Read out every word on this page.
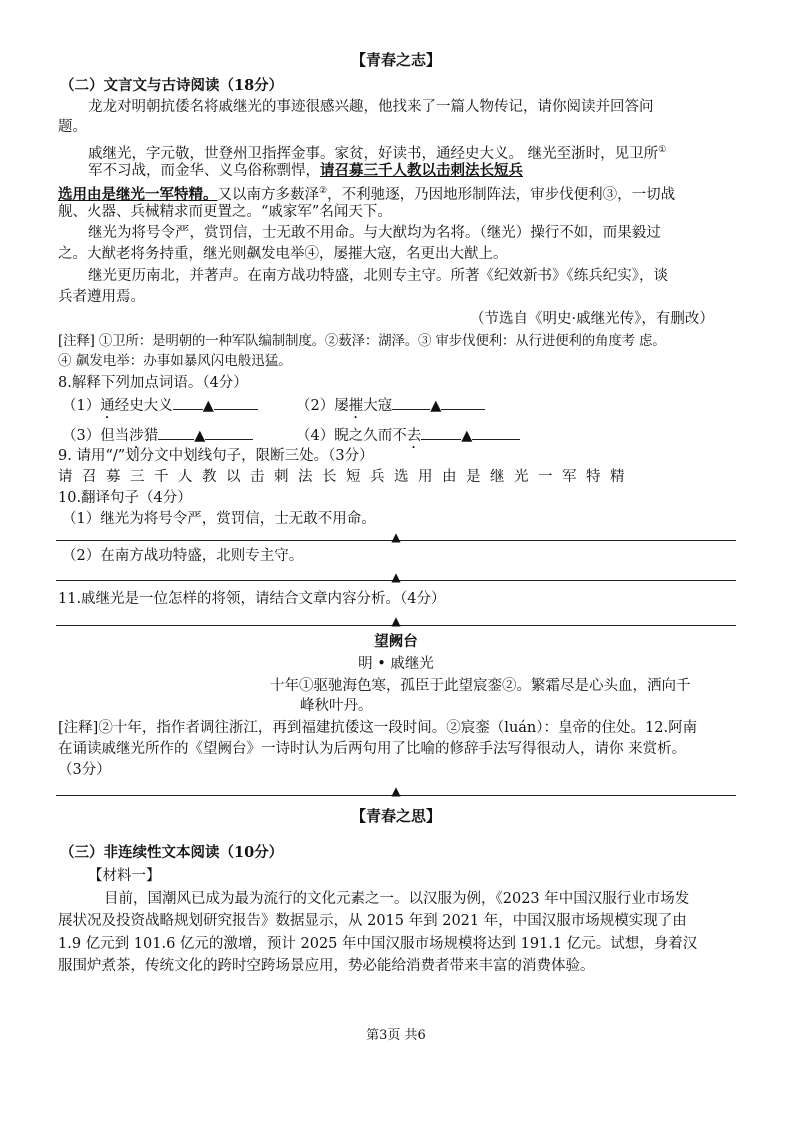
【青春之志】
（二）文言文与古诗阅读（18分）
龙龙对明朝抗倭名将戚继光的事迹很感兴趣，他找来了一篇人物传记，请你阅读并回答问
题。
戚继光，字元敬，世登州卫指挥金事。家贫，好读书，通经史大义。 继光至浙时，见卫所①
军不习战，而金华、义乌俗称剽悍，请召募三千人教以击刺法长短兵
选用由是继光一军特精。又以南方多薮泽②，不利驰逐，乃因地形制阵法，审步伐便利③，一切战
舰、火器、兵械精求而更置之。“戚家军”名闻天下。
继光为将号令严，赏罚信，士无敢不用命。与大猷均为名将。（继光）操行不如，而果毅过
之。大猷老将务持重，继光则飙发电举④，屡摧大寇，名更出大猷上。
继光更历南北，并著声。在南方战功特盛，北则专主守。所著《纪效新书》《练兵纪实》，谈
兵者遵用焉。
（节选自《明史·戚继光传》，有删改）
[注释] ①卫所：是明朝的一种军队编制制度。②薮泽：湖泽。③ 审步伐便利：从行进便利的角度考 虑。
④ 飙发电举：办事如暴风闪电般迅猛。
8.解释下列加点词语。（4分）
（1）通经史大义 ▲	（2）屡摧大寇	▲
（3）但当涉猎 ▲	（4）睨之久而不去	▲
9. 请用“/”划分文中划线句子，限断三处。（3分）
请召募三千人教以击刺法长短兵选用由是继光一军特精
10.翻译句子（4分）
（1）继光为将号令严，赏罚信，士无敢不用命。
▲
（2）在南方战功特盛，北则专主守。
▲
11.戚继光是一位怎样的将领，请结合文章内容分析。（4分）
▲
望阙台
明 • 戚继光
十年①驱驰海色寒，孤臣于此望宸銮②。繁霜尽是心头血，洒向千
峰秋叶丹。
[注释]②十年，指作者调往浙江，再到福建抗倭这一段时间。②宸銮（luán）：皇帝的住处。12.阿南
在诵读戚继光所作的《望阙台》一诗时认为后两句用了比喻的修辞手法写得很动人，请你 来赏析。
（3分）
▲
【青春之思】
（三）非连续性文本阅读（10分）
【材料一】
目前，国潮风已成为最为流行的文化元素之一。以汉服为例，《2023 年中国汉服行业市场发
展状况及投资战略规划研究报告》数据显示，从 2015 年到 2021 年，中国汉服市场规模实现了由
1.9 亿元到 101.6 亿元的激增，预计 2025 年中国汉服市场规模将达到 191.1 亿元。试想，身着汉
服围炉煮茶，传统文化的跨时空跨场景应用，势必能给消费者带来丰富的消费体验。
第3页 共6
